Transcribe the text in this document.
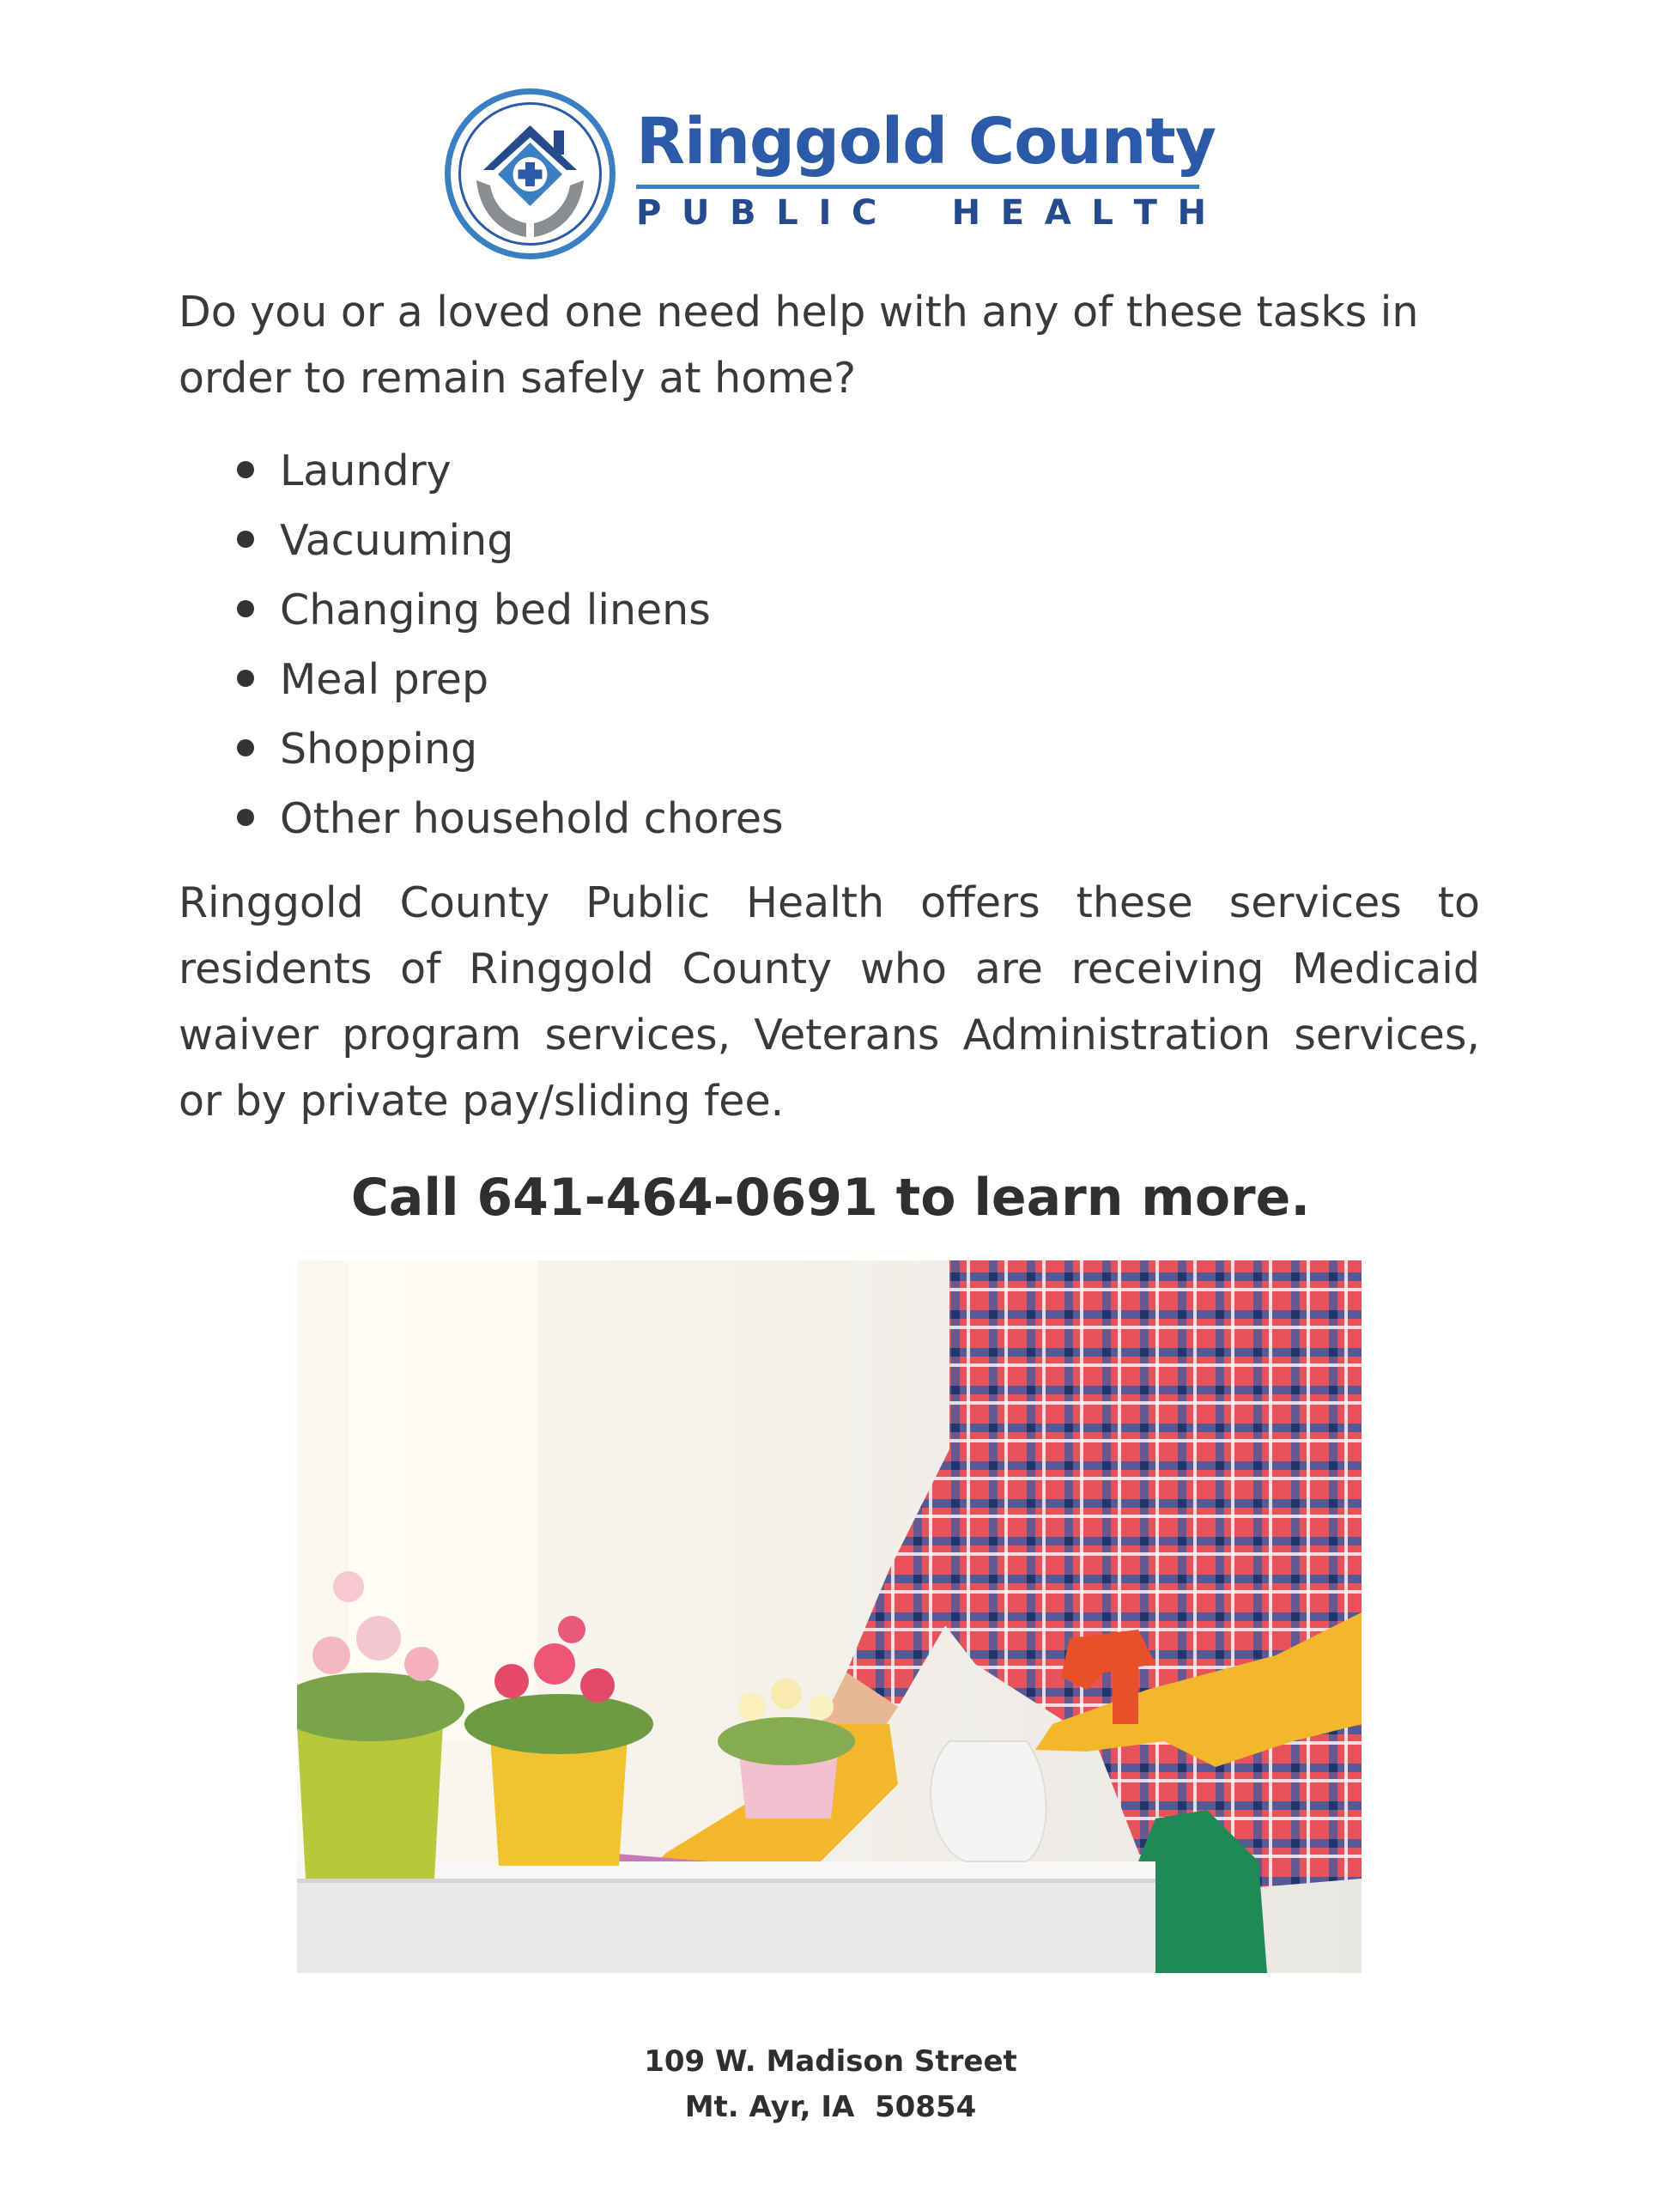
Ringgold County
P U B L I C H E A L T H
Do you or a loved one need help with any of these tasks in order to remain safely at home?
Laundry
Vacuuming
Changing bed linens
Meal prep
Shopping
Other household chores
Ringgold County Public Health offers these services to residents of Ringgold County who are receiving Medicaid waiver program services, Veterans Administration services, or by private pay/sliding fee.
Call 641-464-0691 to learn more.
109 W. Madison Street
Mt. Ayr, IA  50854
